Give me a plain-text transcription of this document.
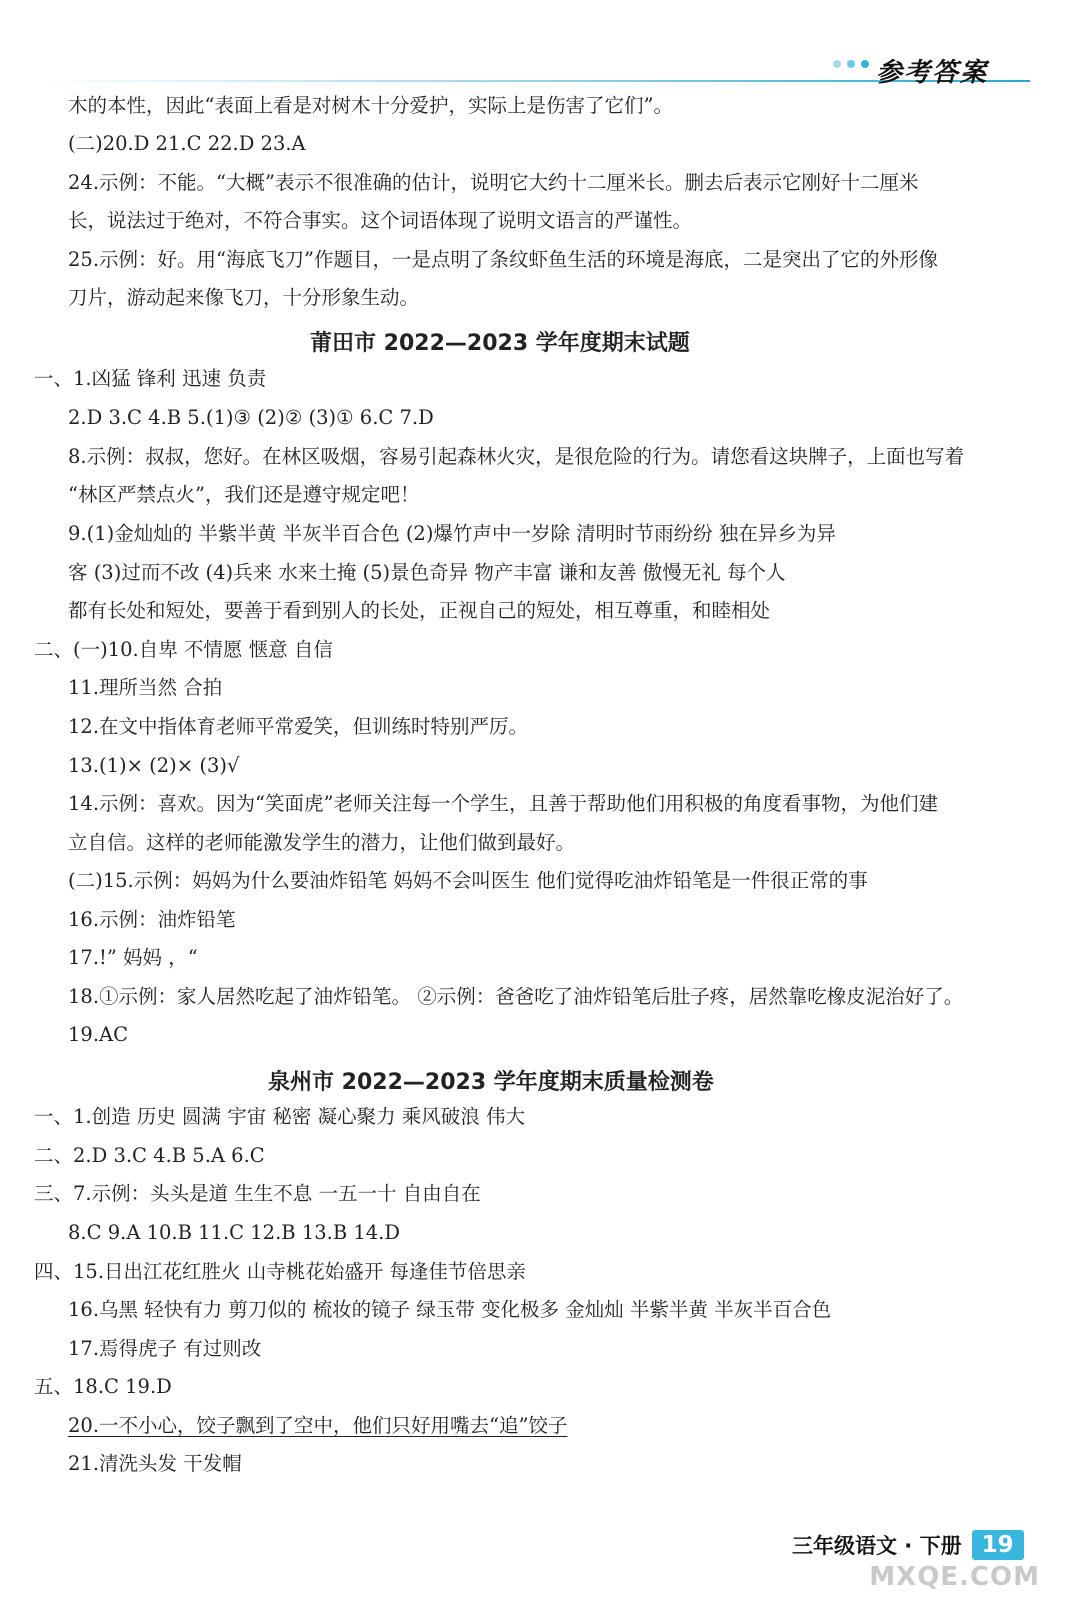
参考答案
木的本性，因此“表面上看是对树木十分爱护，实际上是伤害了它们”。
(二)20.D 21.C 22.D 23.A
24.示例：不能。“大概”表示不很准确的估计，说明它大约十二厘米长。删去后表示它刚好十二厘米
长，说法过于绝对，不符合事实。这个词语体现了说明文语言的严谨性。
25.示例：好。用“海底飞刀”作题目，一是点明了条纹虾鱼生活的环境是海底，二是突出了它的外形像
刀片，游动起来像飞刀，十分形象生动。
莆田市 2022—2023 学年度期末试题
一、1.凶猛 锋利 迅速 负责
2.D 3.C 4.B 5.(1)③ (2)② (3)① 6.C 7.D
8.示例：叔叔，您好。在林区吸烟，容易引起森林火灾，是很危险的行为。请您看这块牌子，上面也写着
“林区严禁点火”，我们还是遵守规定吧！
9.(1)金灿灿的 半紫半黄 半灰半百合色 (2)爆竹声中一岁除 清明时节雨纷纷 独在异乡为异
客 (3)过而不改 (4)兵来 水来土掩 (5)景色奇异 物产丰富 谦和友善 傲慢无礼 每个人
都有长处和短处，要善于看到别人的长处，正视自己的短处，相互尊重，和睦相处
二、(一)10.自卑 不情愿 惬意 自信
11.理所当然 合拍
12.在文中指体育老师平常爱笑，但训练时特别严厉。
13.(1)× (2)× (3)√
14.示例：喜欢。因为“笑面虎”老师关注每一个学生，且善于帮助他们用积极的角度看事物，为他们建
立自信。这样的老师能激发学生的潜力，让他们做到最好。
(二)15.示例：妈妈为什么要油炸铅笔 妈妈不会叫医生 他们觉得吃油炸铅笔是一件很正常的事
16.示例：油炸铅笔
17.!” 妈妈 ，“
18.①示例：家人居然吃起了油炸铅笔。 ②示例：爸爸吃了油炸铅笔后肚子疼，居然靠吃橡皮泥治好了。
19.AC
泉州市 2022—2023 学年度期末质量检测卷
一、1.创造 历史 圆满 宇宙 秘密 凝心聚力 乘风破浪 伟大
二、2.D 3.C 4.B 5.A 6.C
三、7.示例：头头是道 生生不息 一五一十 自由自在
8.C 9.A 10.B 11.C 12.B 13.B 14.D
四、15.日出江花红胜火 山寺桃花始盛开 每逢佳节倍思亲
16.乌黑 轻快有力 剪刀似的 梳妆的镜子 绿玉带 变化极多 金灿灿 半紫半黄 半灰半百合色
17.焉得虎子 有过则改
五、18.C 19.D
20.一不小心，饺子飘到了空中，他们只好用嘴去“追”饺子
21.清洗头发 干发帽
三年级语文 · 下册 19
MXQE.COM
